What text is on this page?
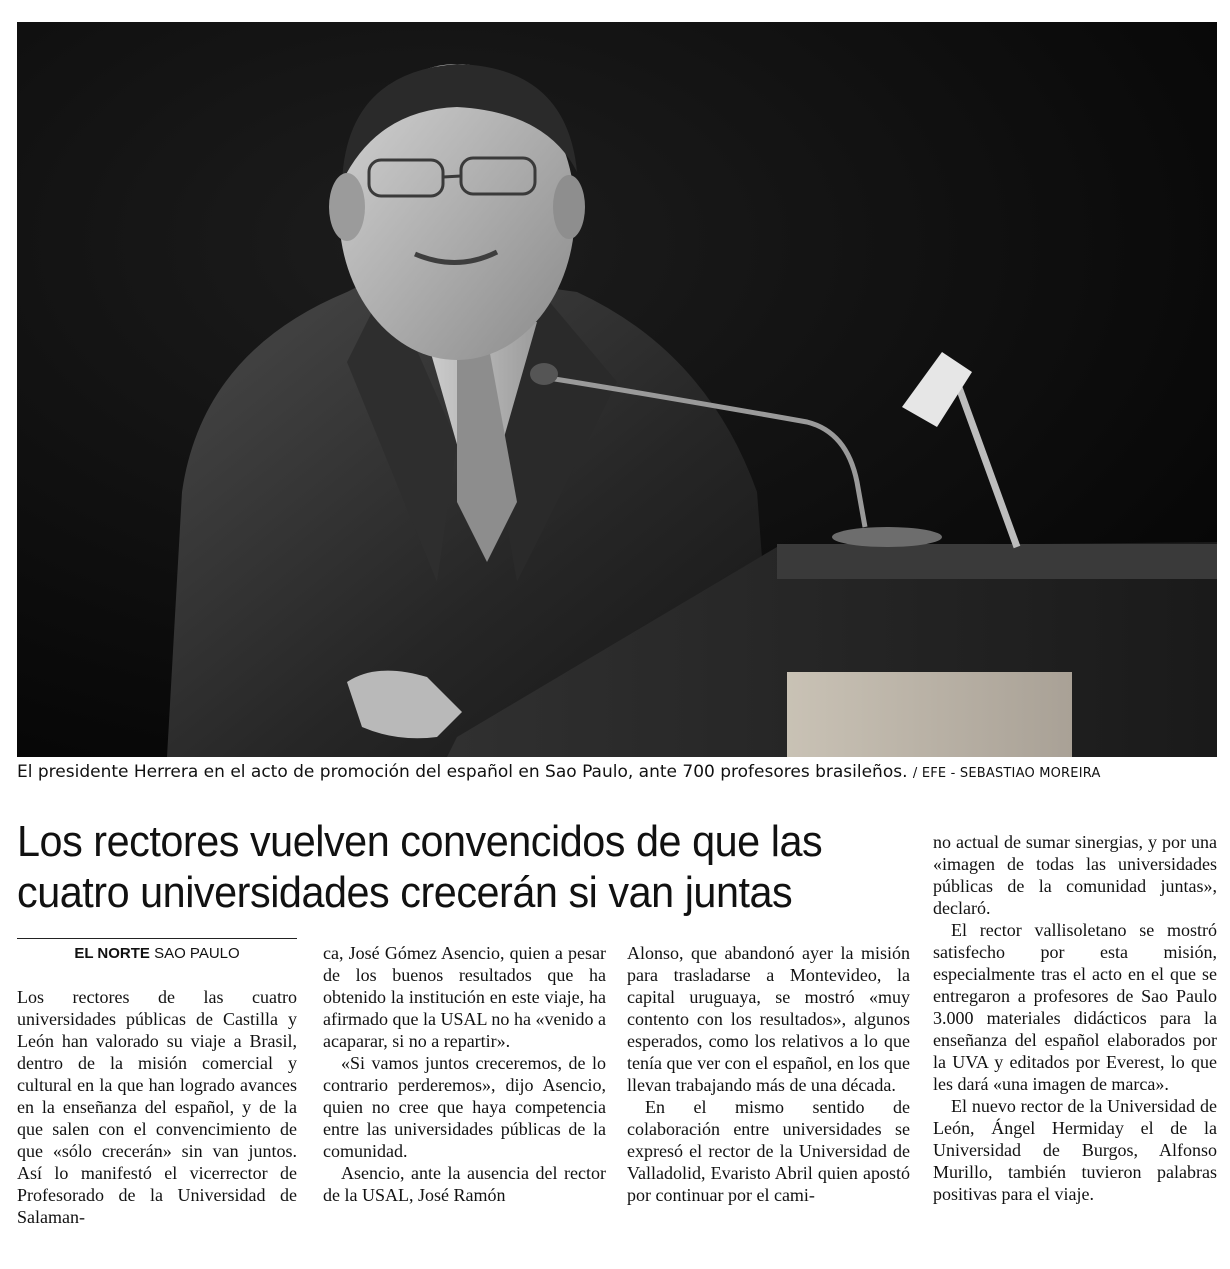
El presidente Herrera en el acto de promoción del español en Sao Paulo, ante 700 profesores brasileños. / EFE - SEBASTIAO MOREIRA
Los rectores vuelven convencidos de que las cuatro universidades crecerán si van juntas
EL NORTE SAO PAULO

Los rectores de las cuatro universidades públicas de Castilla y León han valorado su viaje a Brasil, dentro de la misión comercial y cultural en la que han logrado avances en la enseñanza del español, y de la que salen con el convencimiento de que «sólo crecerán» sin van juntos. Así lo manifestó el vicerrector de Profesorado de la Universidad de Salaman-

ca, José Gómez Asencio, quien a pesar de los buenos resultados que ha obtenido la institución en este viaje, ha afirmado que la USAL no ha «venido a acaparar, si no a repartir».

«Si vamos juntos creceremos, de lo contrario perderemos», dijo Asencio, quien no cree que haya competencia entre las universidades públicas de la comunidad.

Asencio, ante la ausencia del rector de la USAL, José Ramón

Alonso, que abandonó ayer la misión para trasladarse a Montevideo, la capital uruguaya, se mostró «muy contento con los resultados», algunos esperados, como los relativos a lo que tenía que ver con el español, en los que llevan trabajando más de una década.

En el mismo sentido de colaboración entre universidades se expresó el rector de la Universidad de Valladolid, Evaristo Abril quien apostó por continuar por el cami-

no actual de sumar sinergias, y por una «imagen de todas las universidades públicas de la comunidad juntas», declaró.

El rector vallisoletano se mostró satisfecho por esta misión, especialmente tras el acto en el que se entregaron a profesores de Sao Paulo 3.000 materiales didácticos para la enseñanza del español elaborados por la UVA y editados por Everest, lo que les dará «una imagen de marca».

El nuevo rector de la Universidad de León, Ángel Hermiday el de la Universidad de Burgos, Alfonso Murillo, también tuvieron palabras positivas para el viaje.
